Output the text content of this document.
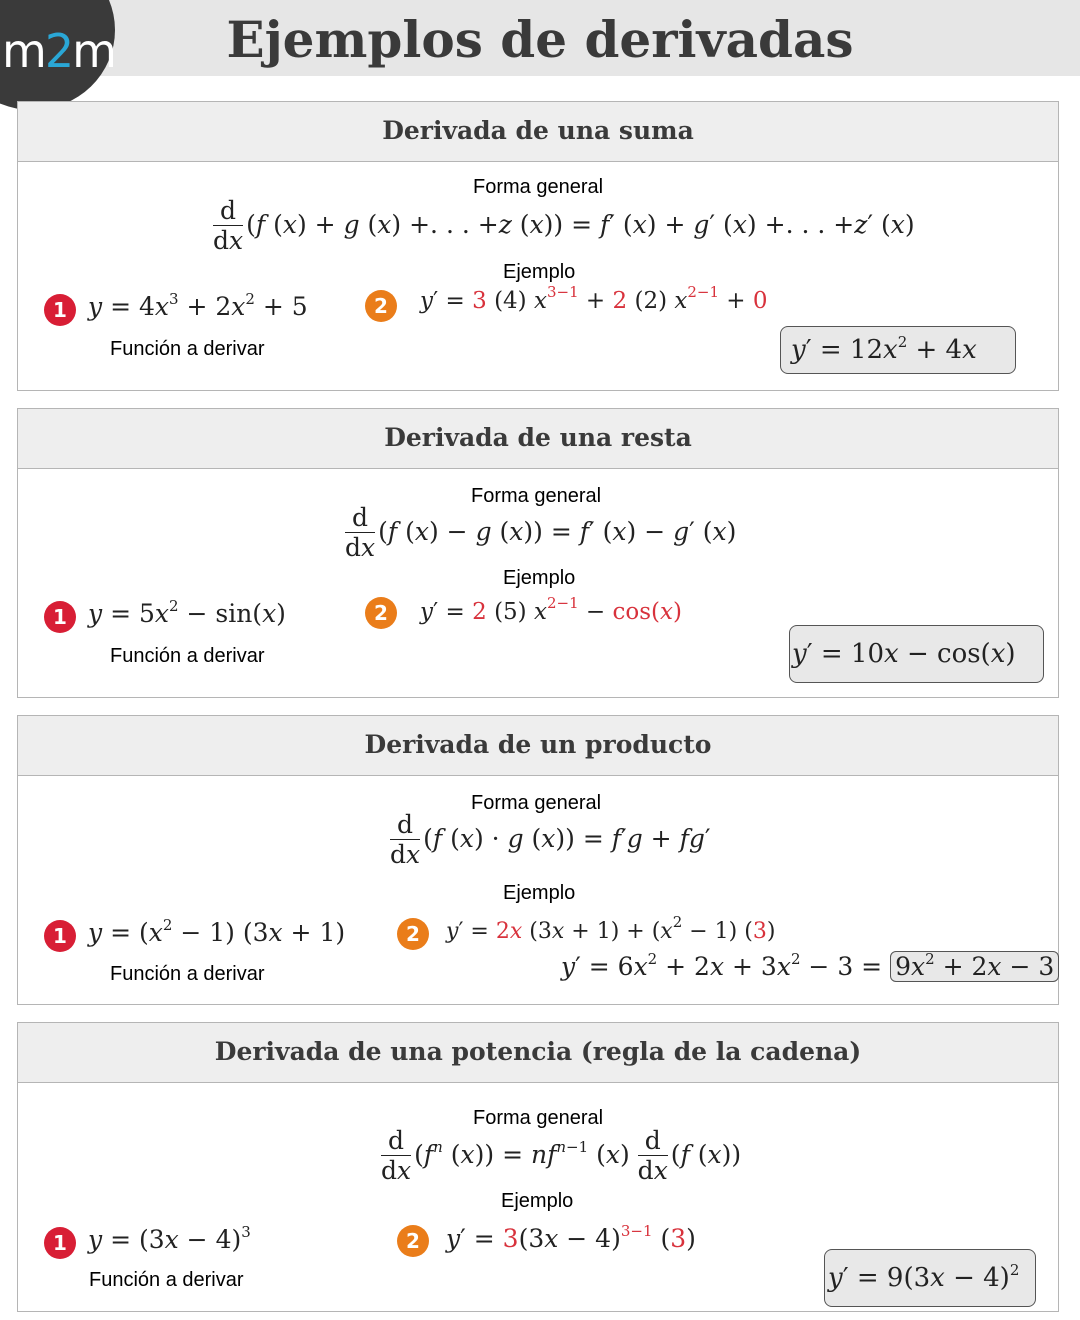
Ejemplos de derivadas
m2m
Derivada de una suma
Forma general
$\frac{d}{dx} (f$ (x) + g (x) +. . . +z (x)) = f′ (x) + g′ (x) +. . . +z′ (x)
Ejemplo
1 $y = 4x^3 + 2x^2 + 5$
Función a derivar
2	y′ = 3 (4) $x^{3-1} + 2$ (2) $x^{2-1} + 0$
$y' = 12x^2 + 4x$
Derivada de una resta
Forma general
$\frac{d}{dx} (f$ (x) − g (x)) = f′ (x) − g′ (x)
Ejemplo
1 $y = 5x^2 - \sin(x)$
Función a derivar
2	y′ = 2 (5) $x^{2-1} - \cos(x)$
y′ = 10x − cos(x)
Derivada de un producto
Forma general
$\frac{d}{dx} (f$ (x) · g (x)) = f′g + fg′
Ejemplo
1 $y = (x^2 - 1) (3x + 1)$
Función a derivar
2	y′ = 2x $(3x + 1) + (x^2 - 1)$ (3)
$y' = 6x^2 + 2x + 3x^2 - 3 = 9x^2 + 2x - 3$
Derivada de una potencia (regla de la cadena)
Forma general
$\frac{d}{dx} (f^n$ $(x)) = nf^{n-1}$ $(x) \frac{d}{dx} (f$ (x))
Ejemplo
1 $y = (3x - 4)^3$
Función a derivar
2	$y' = 3(3x - 4)^{3-1}$ (3)
$y' = 9(3x - 4)^2$
